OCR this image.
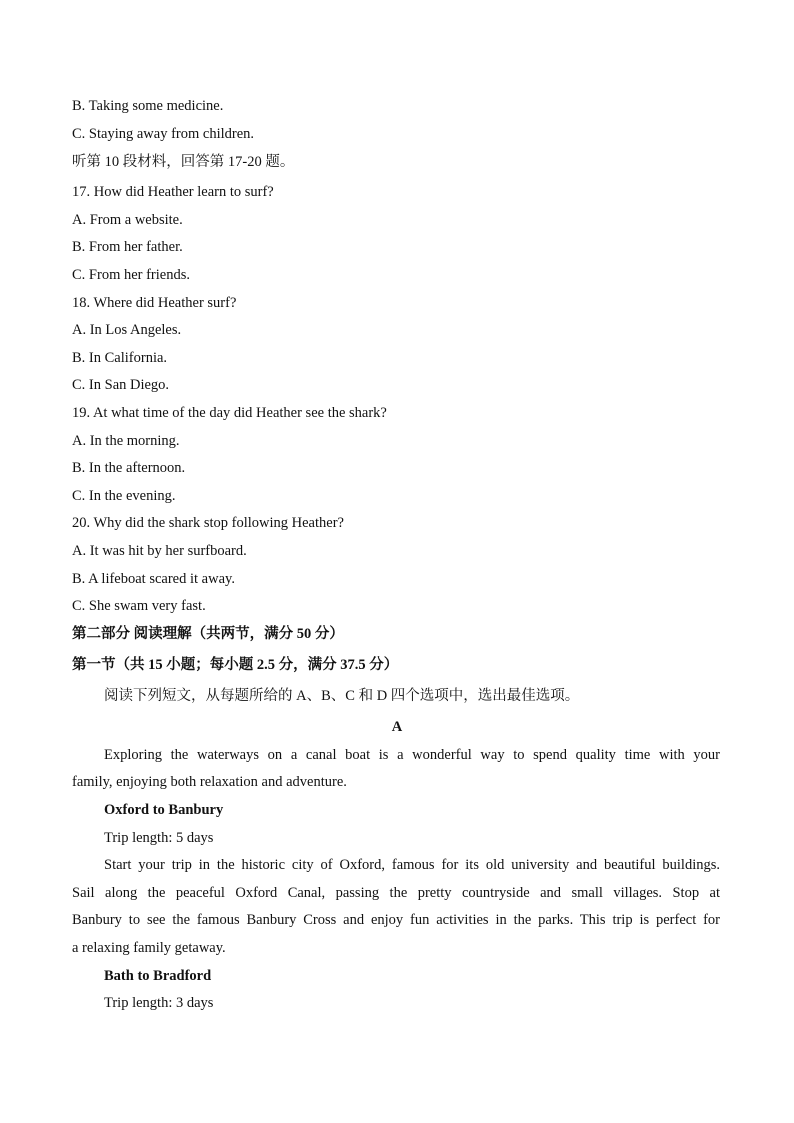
B. Taking some medicine.
C. Staying away from children.
听第 10 段材料，回答第 17-20 题。
17. How did Heather learn to surf?
A. From a website.
B. From her father.
C. From her friends.
18. Where did Heather surf?
A. In Los Angeles.
B. In California.
C. In San Diego.
19. At what time of the day did Heather see the shark?
A. In the morning.
B. In the afternoon.
C. In the evening.
20. Why did the shark stop following Heather?
A. It was hit by her surfboard.
B. A lifeboat scared it away.
C. She swam very fast.
第二部分 阅读理解（共两节，满分 50 分）
第一节（共 15 小题；每小题 2.5 分，满分 37.5 分）
阅读下列短文，从每题所给的 A、B、C 和 D 四个选项中，选出最佳选项。
A
Exploring the waterways on a canal boat is a wonderful way to spend quality time with your
family, enjoying both relaxation and adventure.
Oxford to Banbury
Trip length: 5 days
Start your trip in the historic city of Oxford, famous for its old university and beautiful buildings.
Sail along the peaceful Oxford Canal, passing the pretty countryside and small villages. Stop at
Banbury to see the famous Banbury Cross and enjoy fun activities in the parks. This trip is perfect for
a relaxing family getaway.
Bath to Bradford
Trip length: 3 days
